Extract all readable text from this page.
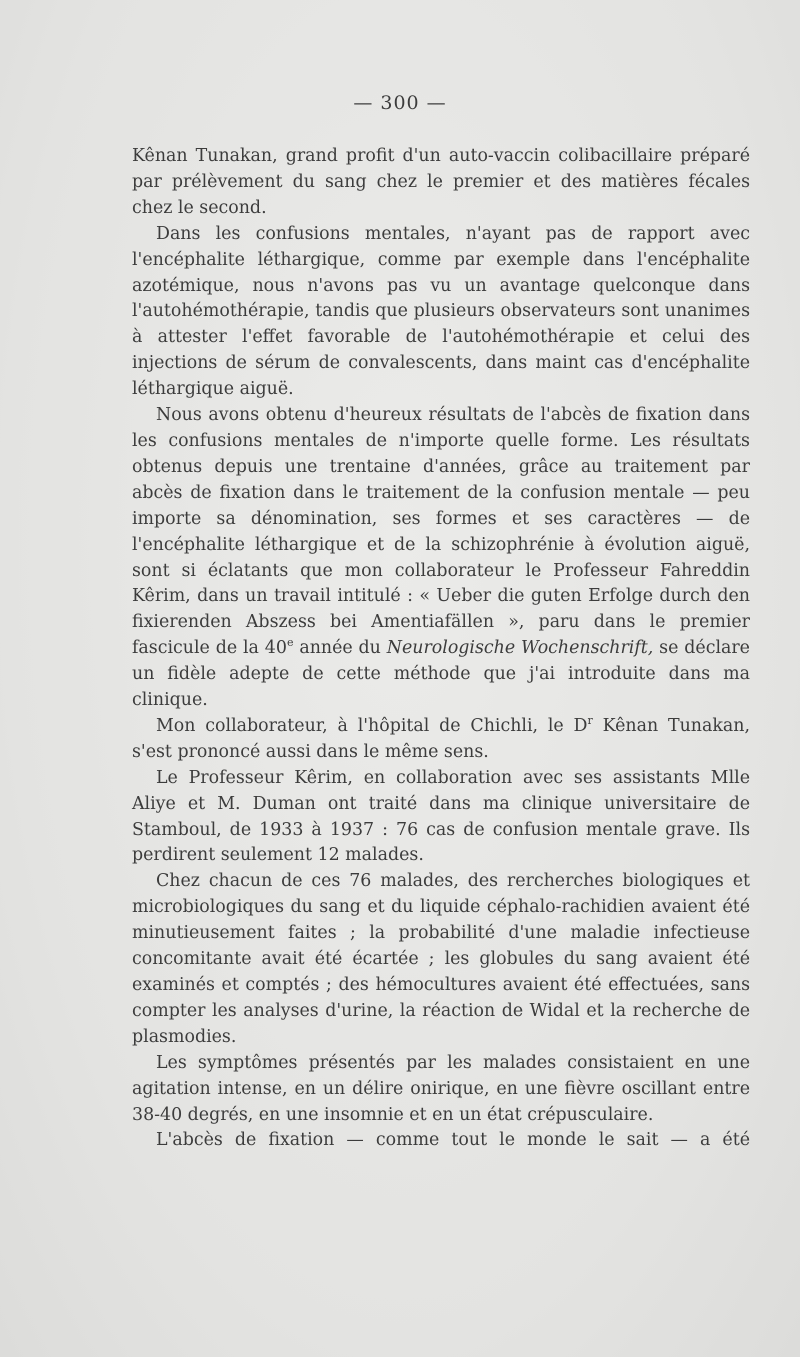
— 300 —

Kênan Tunakan, grand profit d'un auto-vaccin colibacillaire préparé par prélèvement du sang chez le premier et des matières fécales chez le second.

Dans les confusions mentales, n'ayant pas de rapport avec l'encéphalite léthargique, comme par exemple dans l'encéphalite azotémique, nous n'avons pas vu un avantage quelconque dans l'autohémothérapie, tandis que plusieurs observateurs sont unanimes à attester l'effet favorable de l'autohémothérapie et celui des injections de sérum de convalescents, dans maint cas d'encéphalite léthargique aiguë.

Nous avons obtenu d'heureux résultats de l'abcès de fixation dans les confusions mentales de n'importe quelle forme. Les résultats obtenus depuis une trentaine d'années, grâce au traitement par abcès de fixation dans le traitement de la confusion mentale — peu importe sa dénomination, ses formes et ses caractères — de l'encéphalite léthargique et de la schizophrénie à évolution aiguë, sont si éclatants que mon collaborateur le Professeur Fahreddin Kêrim, dans un travail intitulé : « Ueber die guten Erfolge durch den fixierenden Abszess bei Amentiafällen », paru dans le premier fascicule de la 40e année du Neurologische Wochenschrift, se déclare un fidèle adepte de cette méthode que j'ai introduite dans ma clinique.

Mon collaborateur, à l'hôpital de Chichli, le $D^r$ Kênan Tunakan, s'est prononcé aussi dans le même sens.

Le Professeur Kêrim, en collaboration avec ses assistants Mlle Aliye et M. Duman ont traité dans ma clinique universitaire de Stamboul, de 1933 à 1937 : 76 cas de confusion mentale grave. Ils perdirent seulement 12 malades.

Chez chacun de ces 76 malades, des rercherches biologiques et microbiologiques du sang et du liquide céphalo-rachidien avaient été minutieusement faites ; la probabilité d'une maladie infectieuse concomitante avait été écartée ; les globules du sang avaient été examinés et comptés ; des hémocultures avaient été effectuées, sans compter les analyses d'urine, la réaction de Widal et la recherche de plasmodies.

Les symptômes présentés par les malades consistaient en une agitation intense, en un délire onirique, en une fièvre oscillant entre 38-40 degrés, en une insomnie et en un état crépusculaire.

L'abcès de fixation — comme tout le monde le sait — a été
